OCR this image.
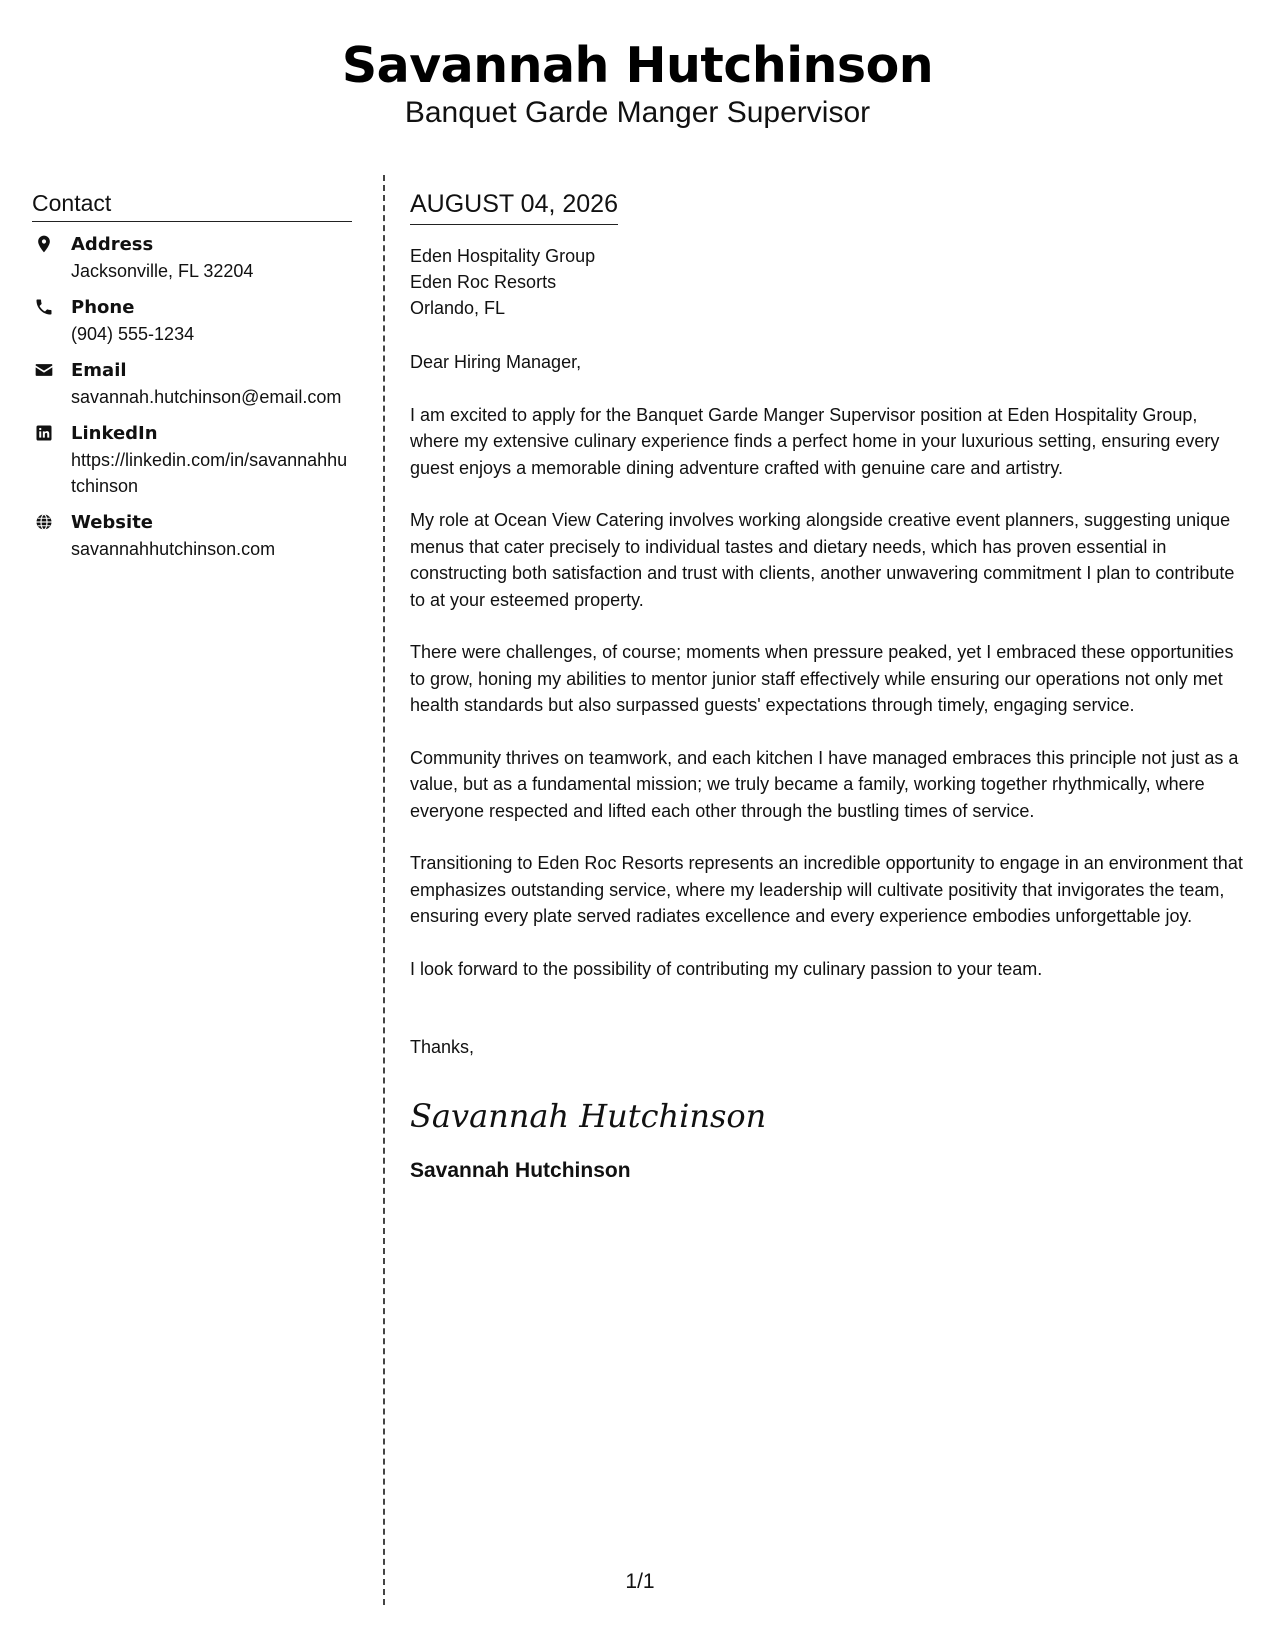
Savannah Hutchinson
Banquet Garde Manger Supervisor
Contact
Address
Jacksonville, FL 32204
Phone
(904) 555-1234
Email
savannah.hutchinson@email.com
LinkedIn
https://linkedin.com/in/savannahhutchinson
Website
savannahhutchinson.com
AUGUST 04, 2026
Eden Hospitality Group
Eden Roc Resorts
Orlando, FL

Dear Hiring Manager,

I am excited to apply for the Banquet Garde Manger Supervisor position at Eden Hospitality Group, where my extensive culinary experience finds a perfect home in your luxurious setting, ensuring every guest enjoys a memorable dining adventure crafted with genuine care and artistry.

My role at Ocean View Catering involves working alongside creative event planners, suggesting unique menus that cater precisely to individual tastes and dietary needs, which has proven essential in constructing both satisfaction and trust with clients, another unwavering commitment I plan to contribute to at your esteemed property.

There were challenges, of course; moments when pressure peaked, yet I embraced these opportunities to grow, honing my abilities to mentor junior staff effectively while ensuring our operations not only met health standards but also surpassed guests' expectations through timely, engaging service.

Community thrives on teamwork, and each kitchen I have managed embraces this principle not just as a value, but as a fundamental mission; we truly became a family, working together rhythmically, where everyone respected and lifted each other through the bustling times of service.

Transitioning to Eden Roc Resorts represents an incredible opportunity to engage in an environment that emphasizes outstanding service, where my leadership will cultivate positivity that invigorates the team, ensuring every plate served radiates excellence and every experience embodies unforgettable joy.

I look forward to the possibility of contributing my culinary passion to your team.

Thanks,

Savannah Hutchinson
Savannah Hutchinson
1/1
